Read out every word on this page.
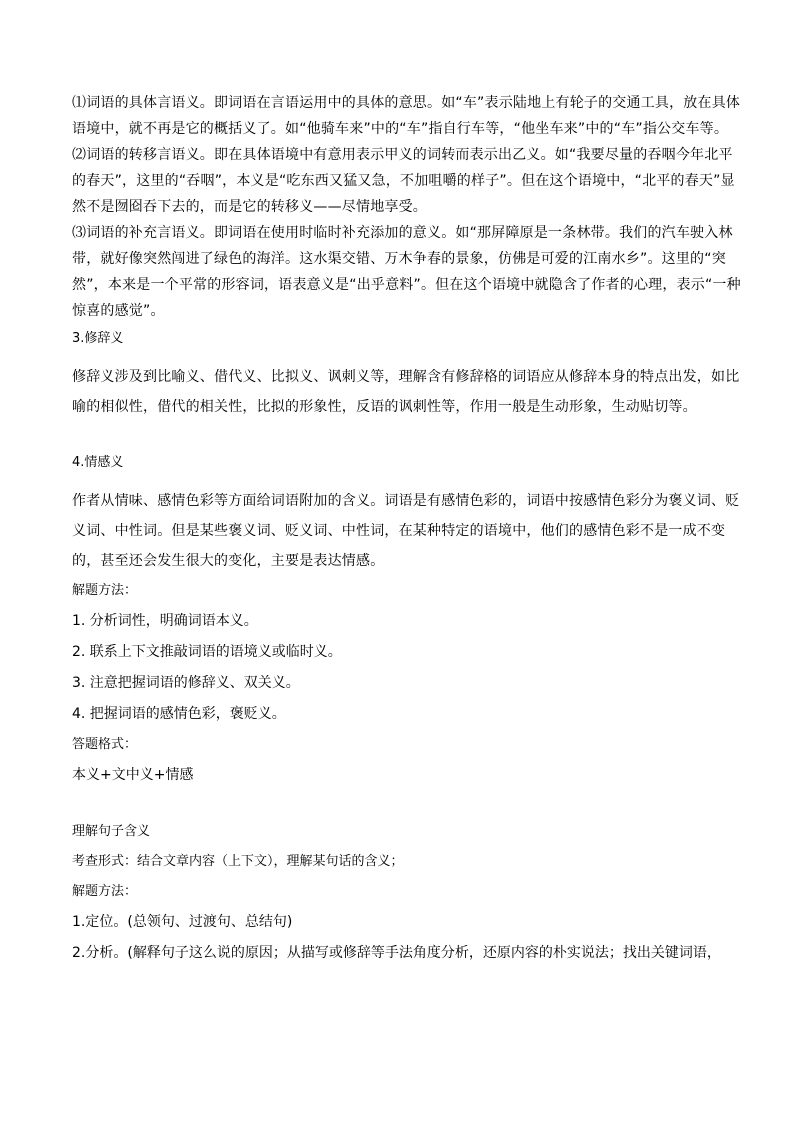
⑴词语的具体言语义。即词语在言语运用中的具体的意思。如“车”表示陆地上有轮子的交通工具，放在具体语境中，就不再是它的概括义了。如“他骑车来”中的“车”指自行车等，“他坐车来”中的“车”指公交车等。

⑵词语的转移言语义。即在具体语境中有意用表示甲义的词转而表示出乙义。如“我要尽量的吞咽今年北平的春天”，这里的“吞咽”，本义是“吃东西又猛又急，不加咀嚼的样子”。但在这个语境中，“北平的春天”显然不是囫囵吞下去的，而是它的转移义——尽情地享受。

⑶词语的补充言语义。即词语在使用时临时补充添加的意义。如“那屏障原是一条林带。我们的汽车驶入林带，就好像突然闯进了绿色的海洋。这水渠交错、万木争春的景象，仿佛是可爱的江南水乡”。这里的“突然”，本来是一个平常的形容词，语表意义是“出乎意料”。但在这个语境中就隐含了作者的心理，表示“一种惊喜的感觉”。

3.修辞义

修辞义涉及到比喻义、借代义、比拟义、讽刺义等，理解含有修辞格的词语应从修辞本身的特点出发，如比喻的相似性，借代的相关性，比拟的形象性，反语的讽刺性等，作用一般是生动形象，生动贴切等。

4.情感义

作者从情味、感情色彩等方面给词语附加的含义。词语是有感情色彩的，词语中按感情色彩分为褒义词、贬义词、中性词。但是某些褒义词、贬义词、中性词，在某种特定的语境中，他们的感情色彩不是一成不变的，甚至还会发生很大的变化，主要是表达情感。

解题方法：

1. 分析词性，明确词语本义。

2. 联系上下文推敲词语的语境义或临时义。

3. 注意把握词语的修辞义、双关义。

4. 把握词语的感情色彩，褒贬义。

答题格式：

本义+文中义+情感

理解句子含义

考查形式：结合文章内容（上下文），理解某句话的含义；

解题方法：

1.定位。(总领句、过渡句、总结句)

2.分析。(解释句子这么说的原因；从描写或修辞等手法角度分析，还原内容的朴实说法；找出关键词语，
